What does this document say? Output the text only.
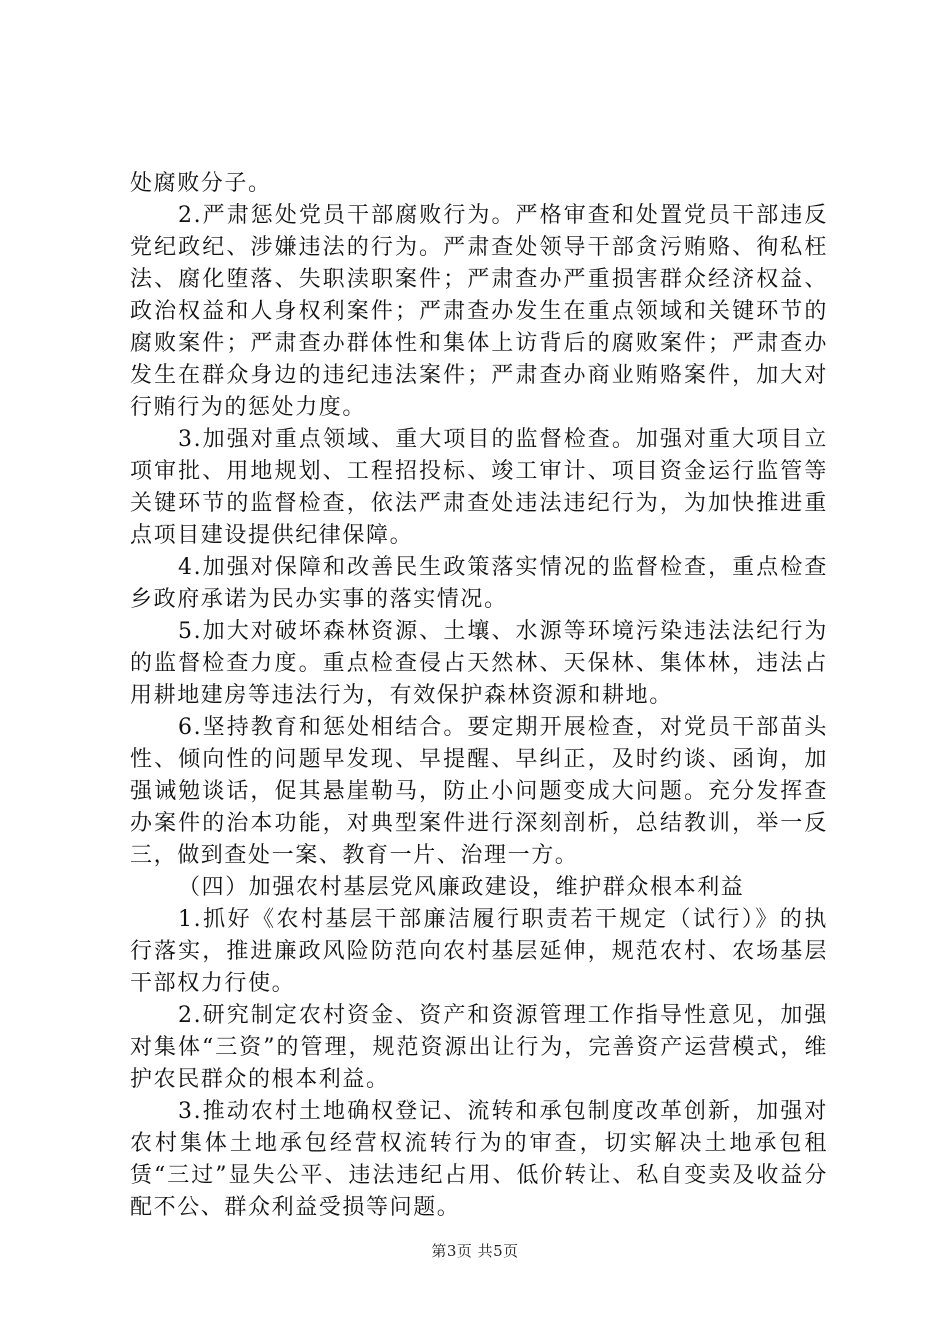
处腐败分子。

2.严肃惩处党员干部腐败行为。严格审查和处置党员干部违反党纪政纪、涉嫌违法的行为。严肃查处领导干部贪污贿赂、徇私枉法、腐化堕落、失职渎职案件；严肃查办严重损害群众经济权益、政治权益和人身权利案件；严肃查办发生在重点领域和关键环节的腐败案件；严肃查办群体性和集体上访背后的腐败案件；严肃查办发生在群众身边的违纪违法案件；严肃查办商业贿赂案件，加大对行贿行为的惩处力度。

3.加强对重点领域、重大项目的监督检查。加强对重大项目立项审批、用地规划、工程招投标、竣工审计、项目资金运行监管等关键环节的监督检查，依法严肃查处违法违纪行为，为加快推进重点项目建设提供纪律保障。

4.加强对保障和改善民生政策落实情况的监督检查，重点检查乡政府承诺为民办实事的落实情况。

5.加大对破坏森林资源、土壤、水源等环境污染违法法纪行为的监督检查力度。重点检查侵占天然林、天保林、集体林，违法占用耕地建房等违法行为，有效保护森林资源和耕地。

6.坚持教育和惩处相结合。要定期开展检查，对党员干部苗头性、倾向性的问题早发现、早提醒、早纠正，及时约谈、函询，加强诫勉谈话，促其悬崖勒马，防止小问题变成大问题。充分发挥查办案件的治本功能，对典型案件进行深刻剖析，总结教训，举一反三，做到查处一案、教育一片、治理一方。

（四）加强农村基层党风廉政建设，维护群众根本利益

1.抓好《农村基层干部廉洁履行职责若干规定（试行）》的执行落实，推进廉政风险防范向农村基层延伸，规范农村、农场基层干部权力行使。

2.研究制定农村资金、资产和资源管理工作指导性意见，加强对集体“三资”的管理，规范资源出让行为，完善资产运营模式，维护农民群众的根本利益。

3.推动农村土地确权登记、流转和承包制度改革创新，加强对农村集体土地承包经营权流转行为的审查，切实解决土地承包租赁“三过”显失公平、违法违纪占用、低价转让、私自变卖及收益分配不公、群众利益受损等问题。

第3页 共5页
